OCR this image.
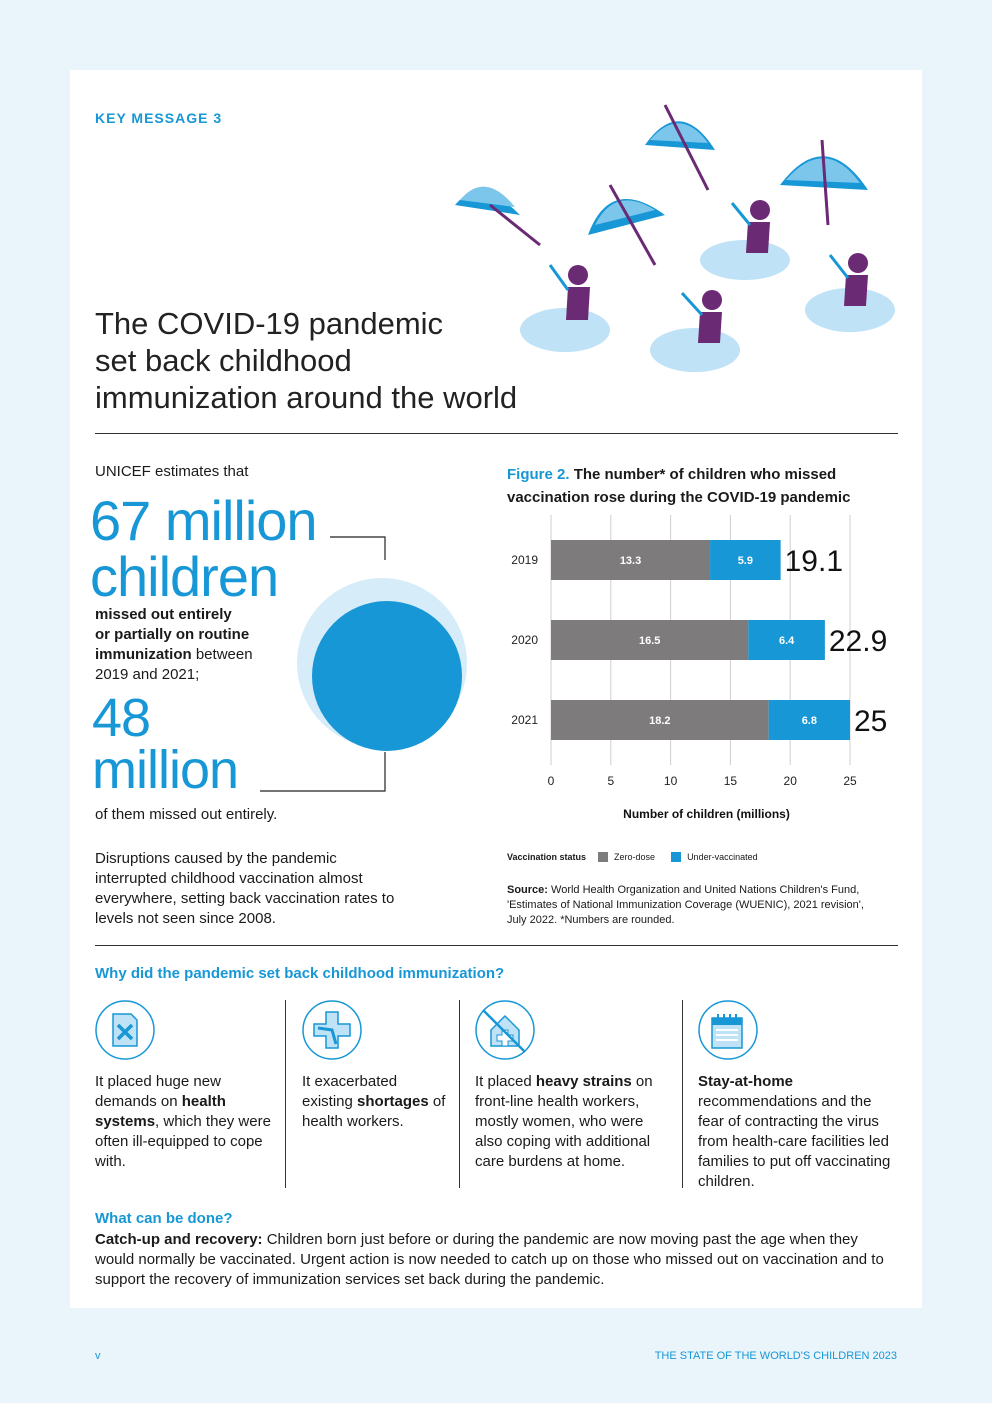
KEY MESSAGE 3
The COVID-19 pandemic
set back childhood
immunization around the world
UNICEF estimates that
67 million
children
missed out entirely
or partially on routine
immunization between
2019 and 2021;
48
million
of them missed out entirely.
Disruptions caused by the pandemic interrupted childhood vaccination almost everywhere, setting back vaccination rates to levels not seen since 2008.
Figure 2. The number* of children who missed
vaccination rose during the COVID-19 pandemic
0	5	10	15	20	25
2019	13.3	5.9 19.1
2020	16.5	6.4 22.9
2021	18.2	6.8 25
Number of children (millions)
Vaccination status	Zero-dose	Under-vaccinated
Source: World Health Organization and United Nations Children's Fund, 'Estimates of National Immunization Coverage (WUENIC), 2021 revision', July 2022. *Numbers are rounded.
Why did the pandemic set back childhood immunization?
It placed huge new demands on health systems, which they were often ill-equipped to cope with.
It exacerbated existing shortages of health workers.
It placed heavy strains on front-line health workers, mostly women, who were also coping with additional care burdens at home.
Stay-at-home recommendations and the fear of contracting the virus from health-care facilities led families to put off vaccinating children.
What can be done?
Catch-up and recovery: Children born just before or during the pandemic are now moving past the age when they would normally be vaccinated. Urgent action is now needed to catch up on those who missed out on vaccination and to support the recovery of immunization services set back during the pandemic.
v	THE STATE OF THE WORLD'S CHILDREN 2023
